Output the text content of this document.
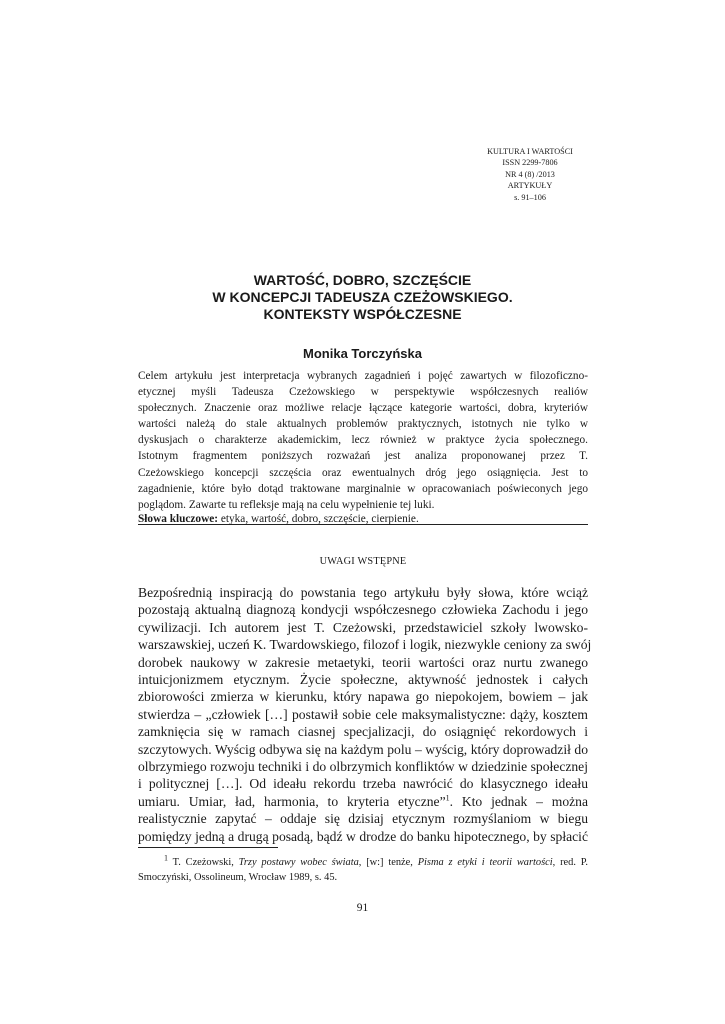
KULTURA I WARTOŚCI
ISSN 2299-7806
NR 4 (8) /2013
ARTYKUŁY
s. 91–106
WARTOŚĆ, DOBRO, SZCZĘŚCIE
W KONCEPCJI TADEUSZA CZEŻOWSKIEGO.
KONTEKSTY WSPÓŁCZESNE
Monika Torczyńska
Celem artykułu jest interpretacja wybranych zagadnień i pojęć zawartych w filozoficzno-
etycznej myśli Tadeusza Czeżowskiego w perspektywie współczesnych realiów
społecznych. Znaczenie oraz możliwe relacje łączące kategorie wartości, dobra, kryteriów
wartości należą do stale aktualnych problemów praktycznych, istotnych nie tylko w
dyskusjach o charakterze akademickim, lecz również w praktyce życia społecznego.
Istotnym fragmentem poniższych rozważań jest analiza proponowanej przez T.
Czeżowskiego koncepcji szczęścia oraz ewentualnych dróg jego osiągnięcia. Jest to
zagadnienie, które było dotąd traktowane marginalnie w opracowaniach poświeconych jego
poglądom. Zawarte tu refleksje mają na celu wypełnienie tej luki.
Słowa kluczowe: etyka, wartość, dobro, szczęście, cierpienie.
UWAGI WSTĘPNE
Bezpośrednią inspiracją do powstania tego artykułu były słowa, które wciąż
pozostają aktualną diagnozą kondycji współczesnego człowieka Zachodu i jego
cywilizacji. Ich autorem jest T. Czeżowski, przedstawiciel szkoły lwowsko-
warszawskiej, uczeń K. Twardowskiego, filozof i logik, niezwykle ceniony za swój
dorobek naukowy w zakresie metaetyki, teorii wartości oraz nurtu zwanego
intuicjonizmem etycznym. Życie społeczne, aktywność jednostek i całych
zbiorowości zmierza w kierunku, który napawa go niepokojem, bowiem – jak
stwierdza – „człowiek […] postawił sobie cele maksymalistyczne: dąży, kosztem
zamknięcia się w ramach ciasnej specjalizacji, do osiągnięć rekordowych i
szczytowych. Wyścig odbywa się na każdym polu – wyścig, który doprowadził do
olbrzymiego rozwoju techniki i do olbrzymich konfliktów w dziedzinie społecznej
i politycznej […]. Od ideału rekordu trzeba nawrócić do klasycznego ideału
umiaru. Umiar, ład, harmonia, to kryteria etyczne”$^1$. Kto jednak – można
realistycznie zapytać – oddaje się dzisiaj etycznym rozmyślaniom w biegu
pomiędzy jedną a drugą posadą, bądź w drodze do banku hipotecznego, by spłacić
$^1$ T. Czeżowski, Trzy postawy wobec świata, [w:] tenże, Pisma z etyki i teorii wartości, red. P.
Smoczyński, Ossolineum, Wrocław 1989, s. 45.
91
